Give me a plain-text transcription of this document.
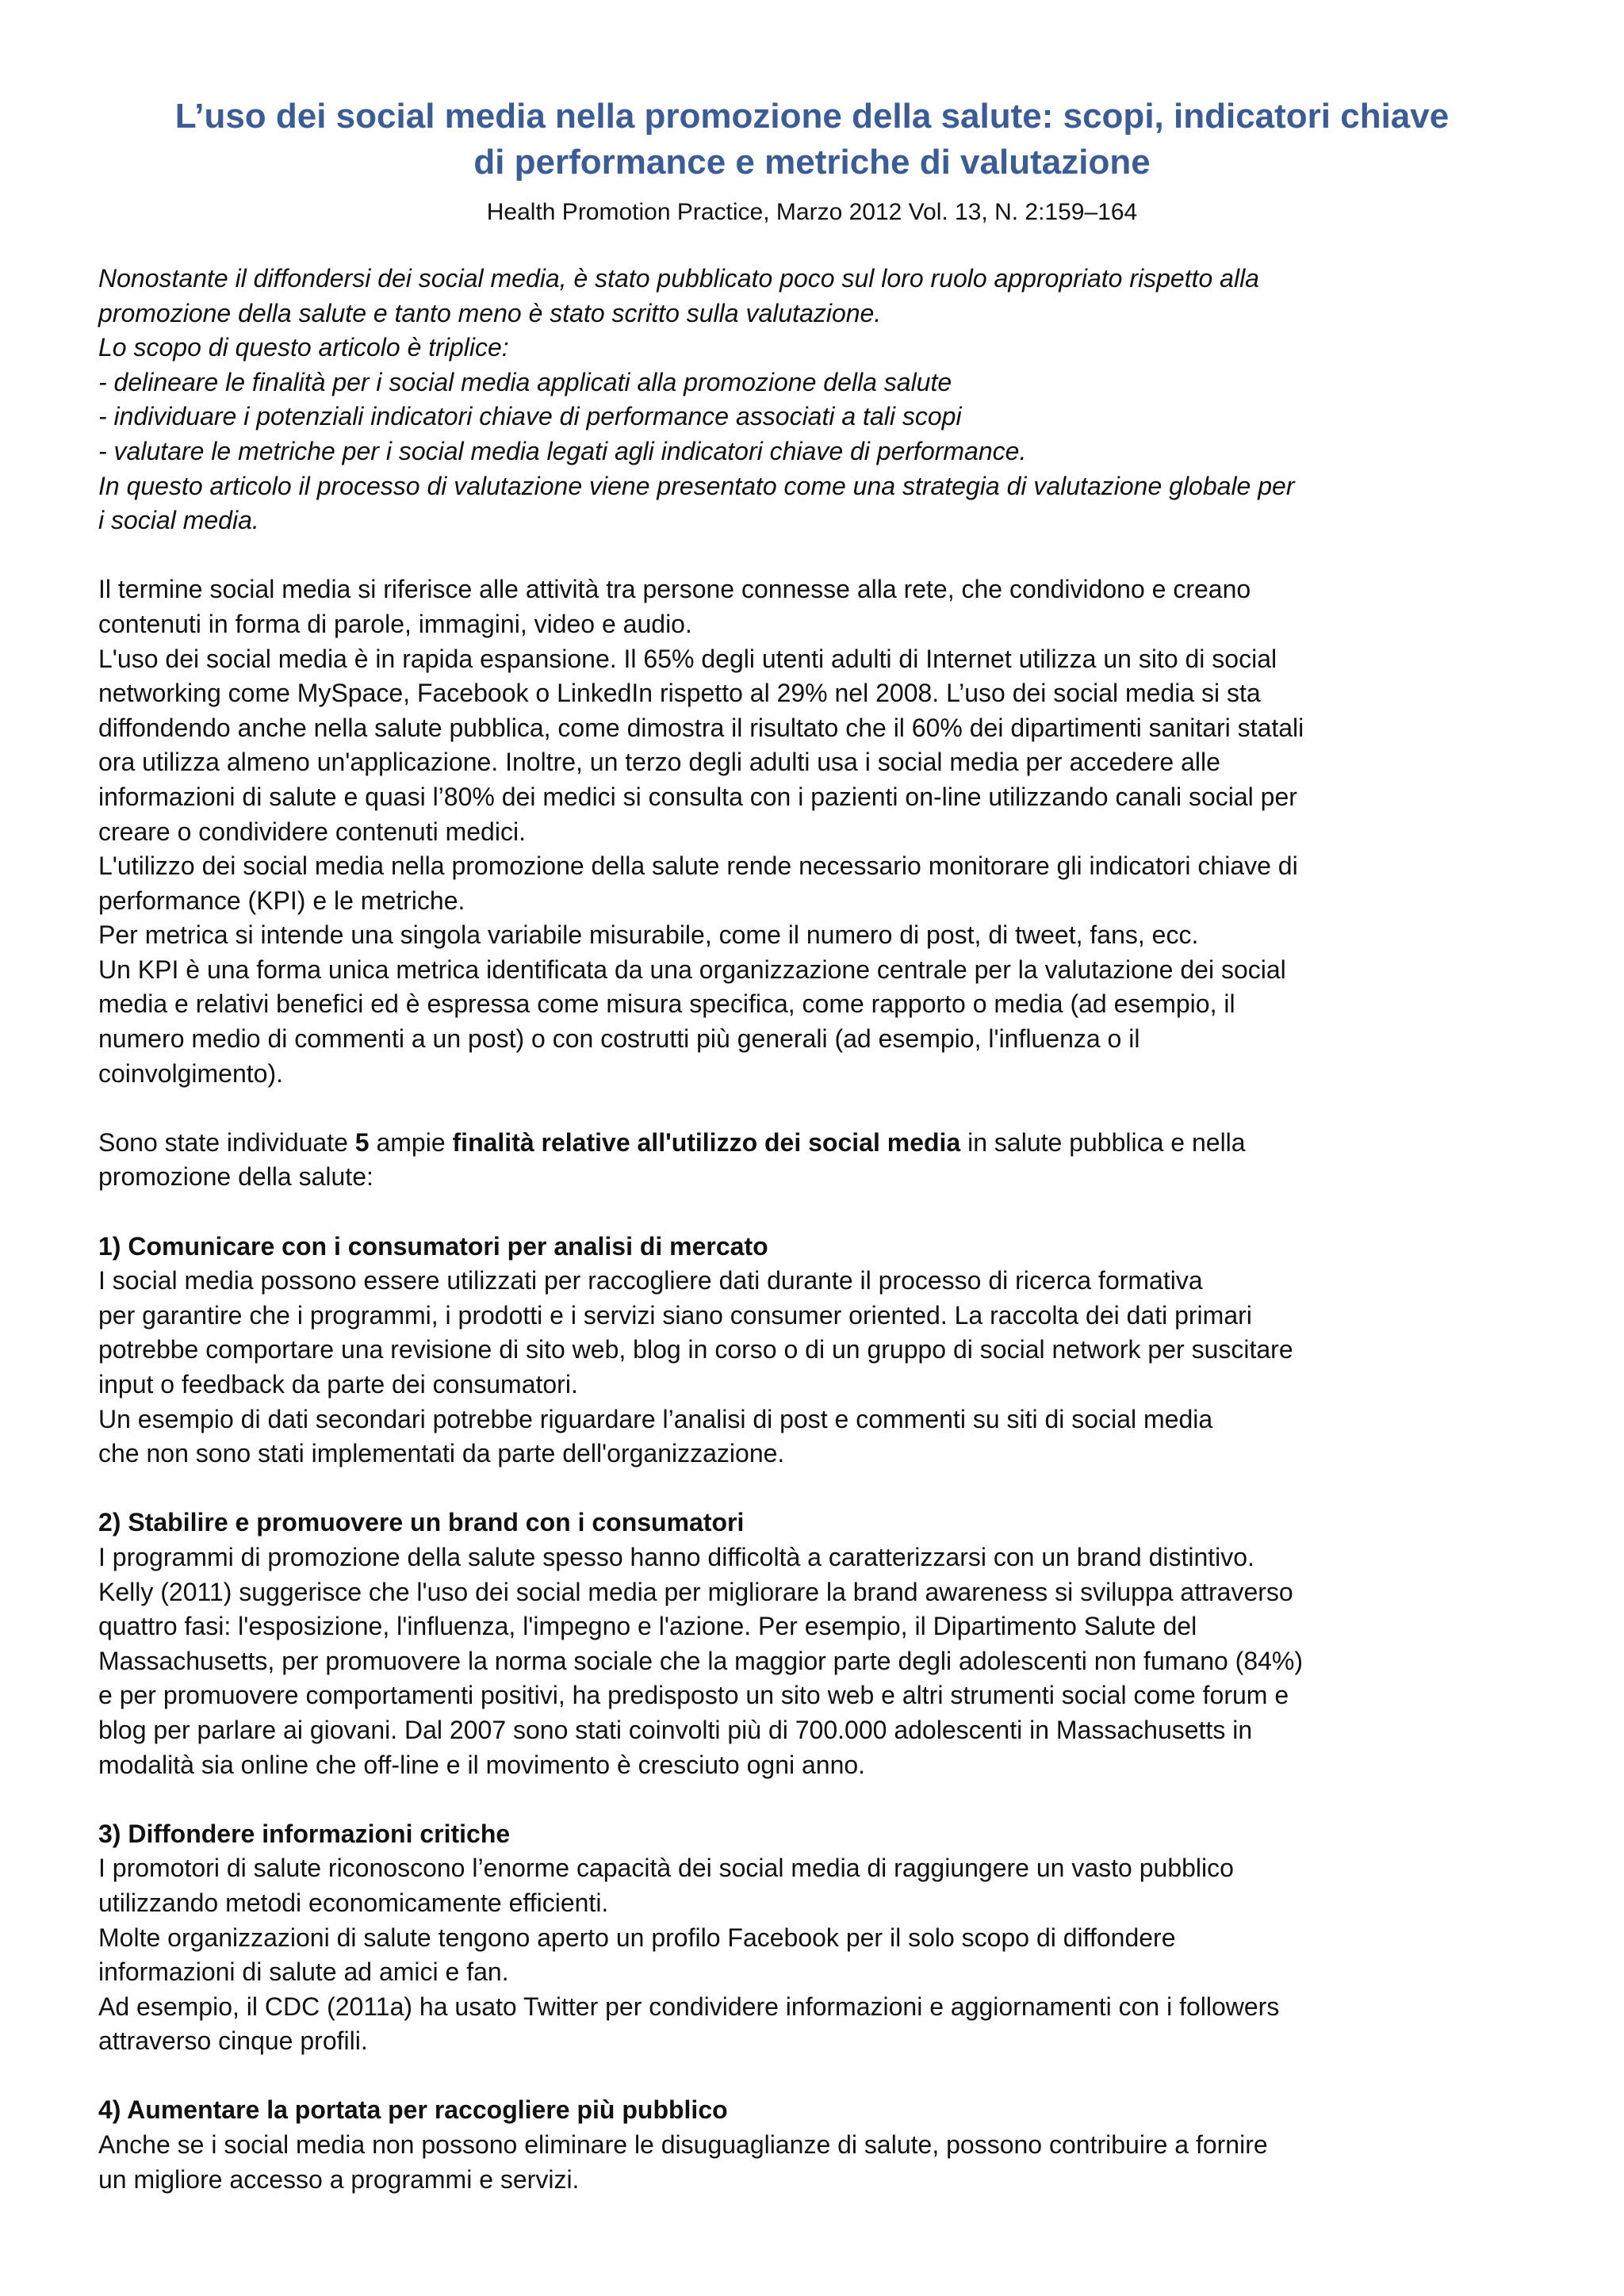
L’uso dei social media nella promozione della salute: scopi, indicatori chiave
di performance e metriche di valutazione

Health Promotion Practice, Marzo 2012 Vol. 13, N. 2:159–164

Nonostante il diffondersi dei social media, è stato pubblicato poco sul loro ruolo appropriato rispetto alla
promozione della salute e tanto meno è stato scritto sulla valutazione.
Lo scopo di questo articolo è triplice:
- delineare le finalità per i social media applicati alla promozione della salute
- individuare i potenziali indicatori chiave di performance associati a tali scopi
- valutare le metriche per i social media legati agli indicatori chiave di performance.
In questo articolo il processo di valutazione viene presentato come una strategia di valutazione globale per
i social media.
Il termine social media si riferisce alle attività tra persone connesse alla rete, che condividono e creano
contenuti in forma di parole, immagini, video e audio.
L'uso dei social media è in rapida espansione. Il 65% degli utenti adulti di Internet utilizza un sito di social
networking come MySpace, Facebook o LinkedIn rispetto al 29% nel 2008. L’uso dei social media si sta
diffondendo anche nella salute pubblica, come dimostra il risultato che il 60% dei dipartimenti sanitari statali
ora utilizza almeno un'applicazione. Inoltre, un terzo degli adulti usa i social media per accedere alle
informazioni di salute e quasi l’80% dei medici si consulta con i pazienti on-line utilizzando canali social per
creare o condividere contenuti medici.
L'utilizzo dei social media nella promozione della salute rende necessario monitorare gli indicatori chiave di
performance (KPI) e le metriche.
Per metrica si intende una singola variabile misurabile, come il numero di post, di tweet, fans, ecc.
Un KPI è una forma unica metrica identificata da una organizzazione centrale per la valutazione dei social
media e relativi benefici ed è espressa come misura specifica, come rapporto o media (ad esempio, il
numero medio di commenti a un post) o con costrutti più generali (ad esempio, l'influenza o il
coinvolgimento).
Sono state individuate 5 ampie finalità relative all'utilizzo dei social media in salute pubblica e nella
promozione della salute:
1) Comunicare con i consumatori per analisi di mercato
I social media possono essere utilizzati per raccogliere dati durante il processo di ricerca formativa
per garantire che i programmi, i prodotti e i servizi siano consumer oriented. La raccolta dei dati primari
potrebbe comportare una revisione di sito web, blog in corso o di un gruppo di social network per suscitare
input o feedback da parte dei consumatori.
Un esempio di dati secondari potrebbe riguardare l’analisi di post e commenti su siti di social media
che non sono stati implementati da parte dell'organizzazione.
2) Stabilire e promuovere un brand con i consumatori
I programmi di promozione della salute spesso hanno difficoltà a caratterizzarsi con un brand distintivo.
Kelly (2011) suggerisce che l'uso dei social media per migliorare la brand awareness si sviluppa attraverso
quattro fasi: l'esposizione, l'influenza, l'impegno e l'azione. Per esempio, il Dipartimento Salute del
Massachusetts, per promuovere la norma sociale che la maggior parte degli adolescenti non fumano (84%)
e per promuovere comportamenti positivi, ha predisposto un sito web e altri strumenti social come forum e
blog per parlare ai giovani. Dal 2007 sono stati coinvolti più di 700.000 adolescenti in Massachusetts in
modalità sia online che off-line e il movimento è cresciuto ogni anno.
3) Diffondere informazioni critiche
I promotori di salute riconoscono l’enorme capacità dei social media di raggiungere un vasto pubblico
utilizzando metodi economicamente efficienti.
Molte organizzazioni di salute tengono aperto un profilo Facebook per il solo scopo di diffondere
informazioni di salute ad amici e fan.
Ad esempio, il CDC (2011a) ha usato Twitter per condividere informazioni e aggiornamenti con i followers
attraverso cinque profili.
4) Aumentare la portata per raccogliere più pubblico
Anche se i social media non possono eliminare le disuguaglianze di salute, possono contribuire a fornire
un migliore accesso a programmi e servizi.
